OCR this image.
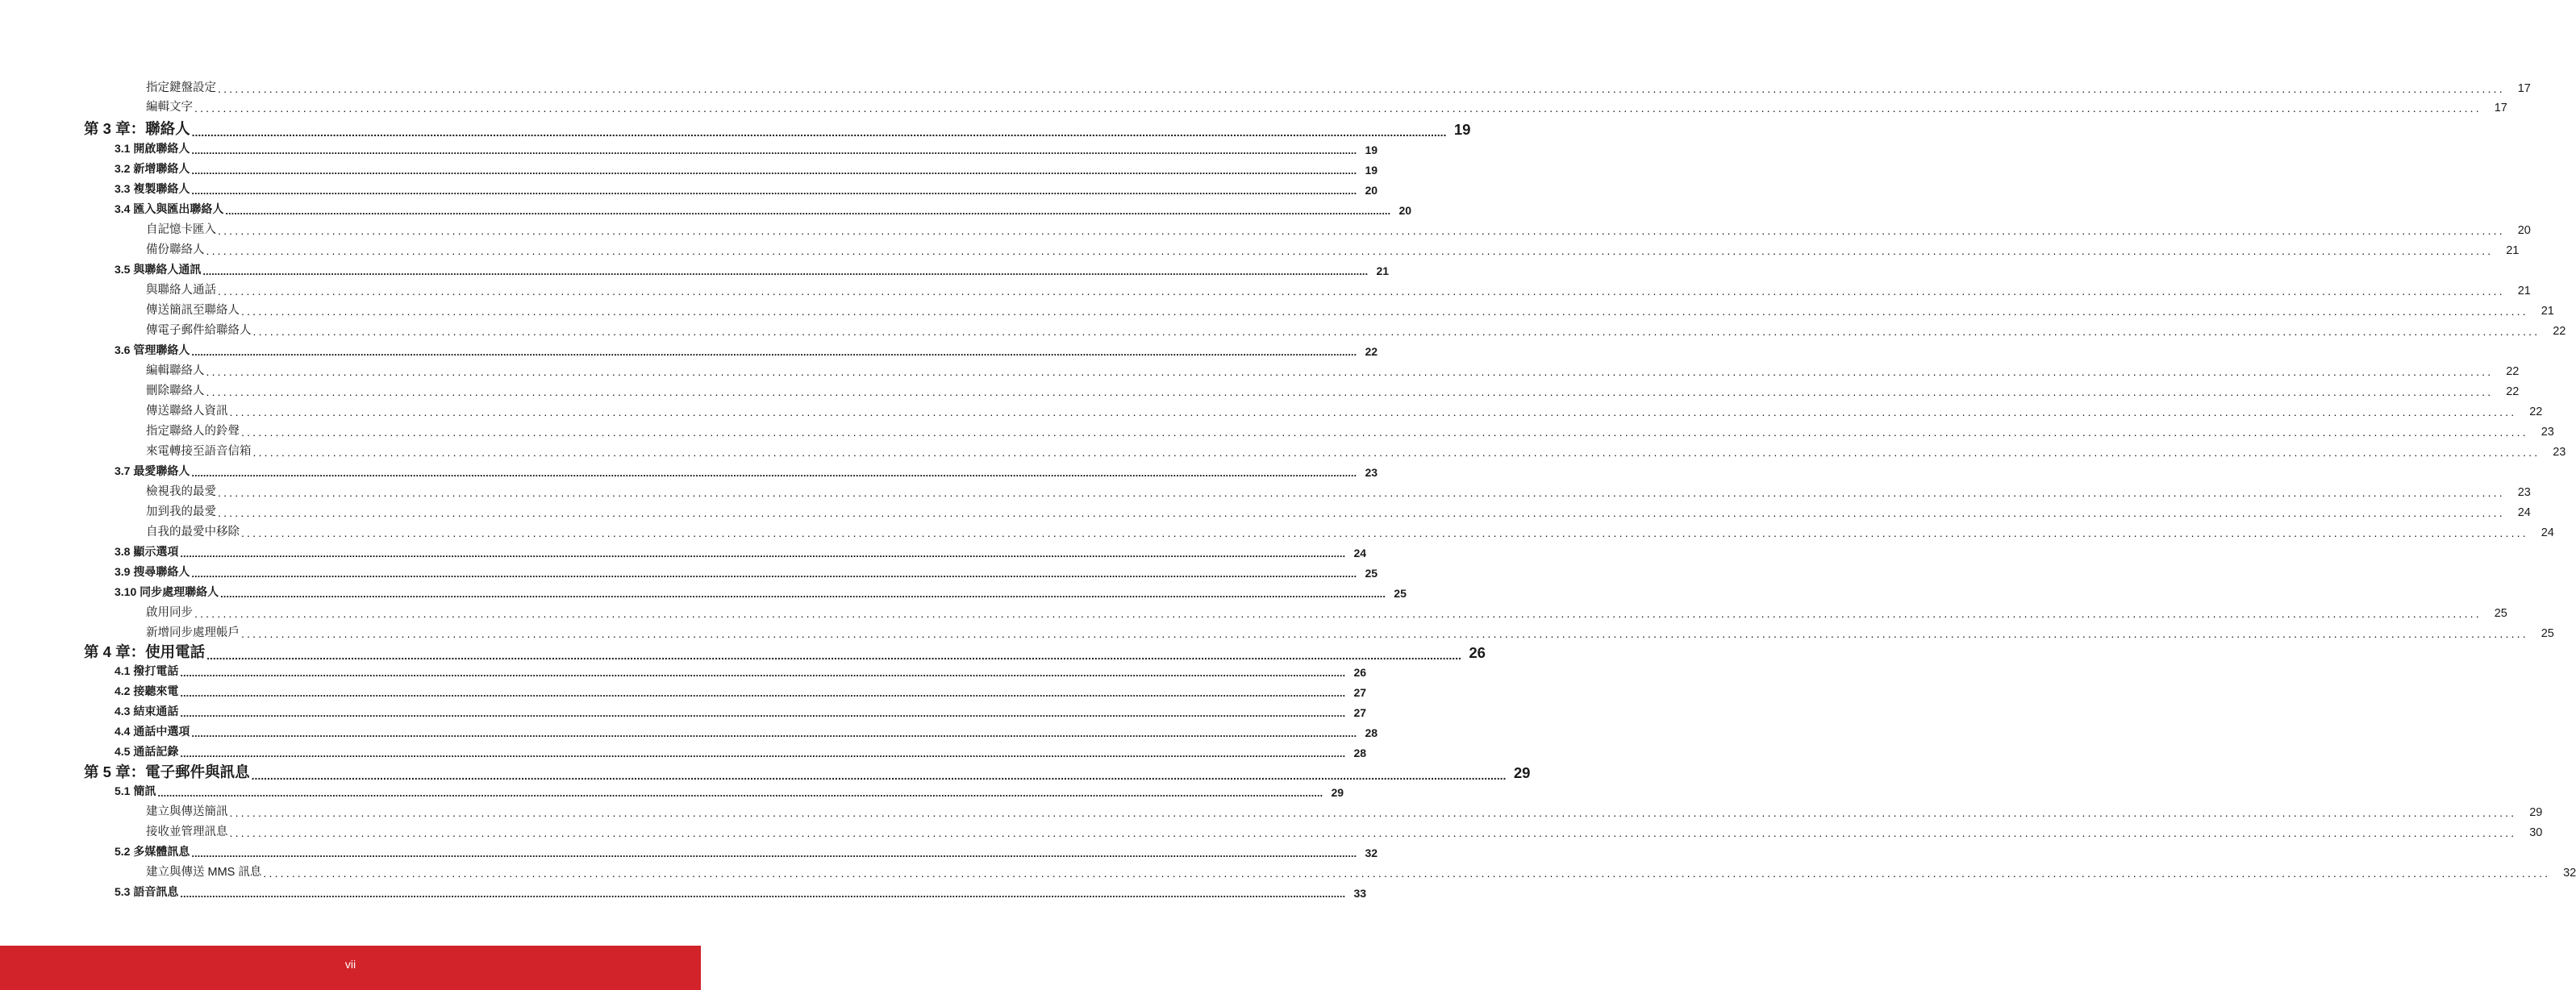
指定鍵盤設定 ................................................................................................................................................................................................................................................................................................................................................................................................................	17
編輯文字 ................................................................................................................................................................................................................................................................................................................................................................................................................	17
第 3 章：聯絡人 ................................................................................................................................................................................................................................................................................................................................................................................................................ 19
3.1 開啟聯絡人 ................................................................................................................................................................................................................................................................................................................................................................................................................ 19
3.2 新增聯絡人 ................................................................................................................................................................................................................................................................................................................................................................................................................ 19
3.3 複製聯絡人 ................................................................................................................................................................................................................................................................................................................................................................................................................ 20
3.4 匯入與匯出聯絡人 ................................................................................................................................................................................................................................................................................................................................................................................................................ 20
自記憶卡匯入 ................................................................................................................................................................................................................................................................................................................................................................................................................	20
備份聯絡人 ................................................................................................................................................................................................................................................................................................................................................................................................................	21
3.5 與聯絡人通訊 ................................................................................................................................................................................................................................................................................................................................................................................................................ 21
與聯絡人通話 ................................................................................................................................................................................................................................................................................................................................................................................................................	21
傳送簡訊至聯絡人 ................................................................................................................................................................................................................................................................................................................................................................................................................	21
傳電子郵件給聯絡人 ................................................................................................................................................................................................................................................................................................................................................................................................................	22
3.6 管理聯絡人 ................................................................................................................................................................................................................................................................................................................................................................................................................ 22
編輯聯絡人 ................................................................................................................................................................................................................................................................................................................................................................................................................	22
刪除聯絡人 ................................................................................................................................................................................................................................................................................................................................................................................................................	22
傳送聯絡人資訊 ................................................................................................................................................................................................................................................................................................................................................................................................................	22
指定聯絡人的鈴聲 ................................................................................................................................................................................................................................................................................................................................................................................................................	23
來電轉接至語音信箱 ................................................................................................................................................................................................................................................................................................................................................................................................................	23
3.7 最愛聯絡人 ................................................................................................................................................................................................................................................................................................................................................................................................................ 23
檢視我的最愛 ................................................................................................................................................................................................................................................................................................................................................................................................................	23
加到我的最愛 ................................................................................................................................................................................................................................................................................................................................................................................................................	24
自我的最愛中移除 ................................................................................................................................................................................................................................................................................................................................................................................................................	24
3.8 顯示選項 ................................................................................................................................................................................................................................................................................................................................................................................................................ 24
3.9 搜尋聯絡人 ................................................................................................................................................................................................................................................................................................................................................................................................................ 25
3.10 同步處理聯絡人 ................................................................................................................................................................................................................................................................................................................................................................................................................ 25
啟用同步 ................................................................................................................................................................................................................................................................................................................................................................................................................	25
新增同步處理帳戶 ................................................................................................................................................................................................................................................................................................................................................................................................................	25
第 4 章：使用電話 ................................................................................................................................................................................................................................................................................................................................................................................................................ 26
4.1 撥打電話 ................................................................................................................................................................................................................................................................................................................................................................................................................ 26
4.2 接聽來電 ................................................................................................................................................................................................................................................................................................................................................................................................................ 27
4.3 結束通話 ................................................................................................................................................................................................................................................................................................................................................................................................................ 27
4.4 通話中選項 ................................................................................................................................................................................................................................................................................................................................................................................................................ 28
4.5 通話記錄 ................................................................................................................................................................................................................................................................................................................................................................................................................ 28
第 5 章：電子郵件與訊息 ................................................................................................................................................................................................................................................................................................................................................................................................................ 29
5.1 簡訊 ................................................................................................................................................................................................................................................................................................................................................................................................................ 29
建立與傳送簡訊 ................................................................................................................................................................................................................................................................................................................................................................................................................	29
接收並管理訊息 ................................................................................................................................................................................................................................................................................................................................................................................................................	30
5.2 多媒體訊息 ................................................................................................................................................................................................................................................................................................................................................................................................................ 32
建立與傳送 MMS 訊息 ................................................................................................................................................................................................................................................................................................................................................................................................................	32
5.3 語音訊息 ................................................................................................................................................................................................................................................................................................................................................................................................................ 33
vii
